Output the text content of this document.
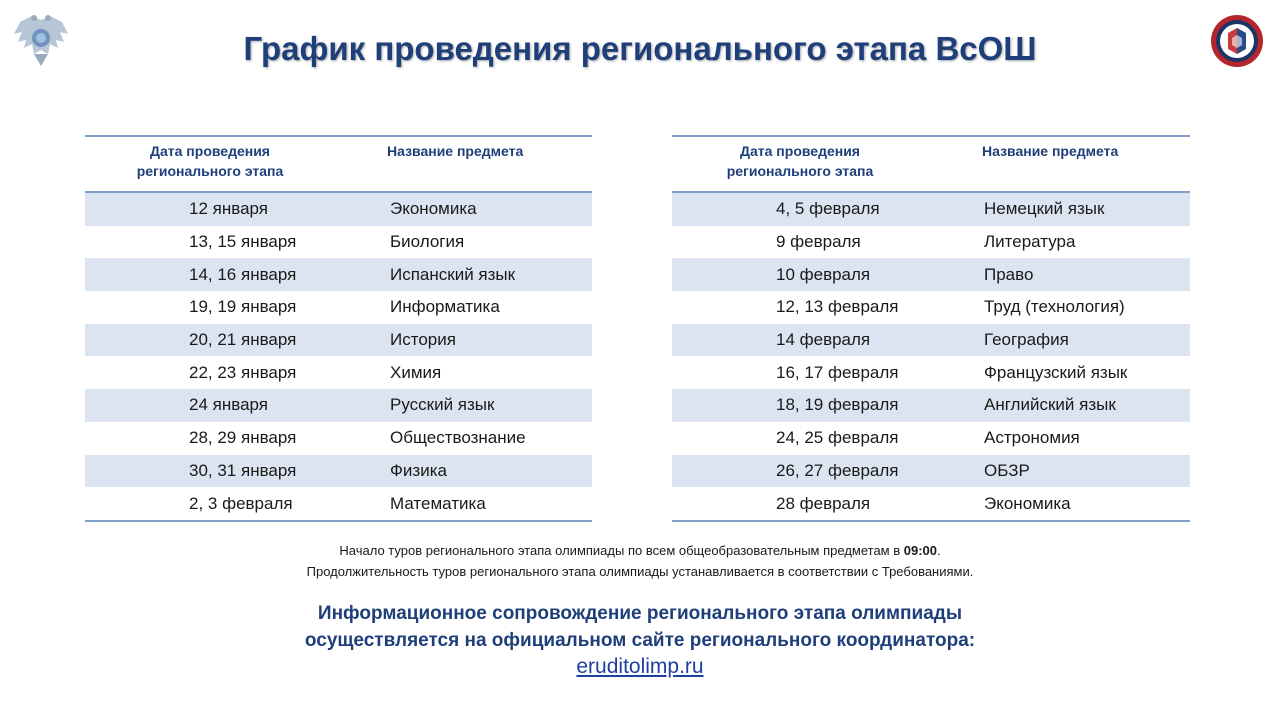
График проведения регионального этапа ВсОШ
Дата проведения
регионального этапа	Название предмета
12 января	Экономика
13, 15 января	Биология
14, 16 января	Испанский язык
19, 19 января	Информатика
20, 21 января	История
22, 23 января	Химия
24 января	Русский язык
28, 29 января	Обществознание
30, 31 января	Физика
2, 3 февраля	Математика
Дата проведения
регионального этапа	Название предмета
4, 5 февраля	Немецкий язык
9 февраля	Литература
10 февраля	Право
12, 13 февраля	Труд (технология)
14 февраля	География
16, 17 февраля	Французский язык
18, 19 февраля	Английский язык
24, 25 февраля	Астрономия
26, 27 февраля	ОБЗР
28 февраля	Экономика
Начало туров регионального этапа олимпиады по всем общеобразовательным предметам в 09:00.
Продолжительность туров регионального этапа олимпиады устанавливается в соответствии с Требованиями.
Информационное сопровождение регионального этапа олимпиады
осуществляется на официальном сайте регионального координатора:
eruditolimp.ru
